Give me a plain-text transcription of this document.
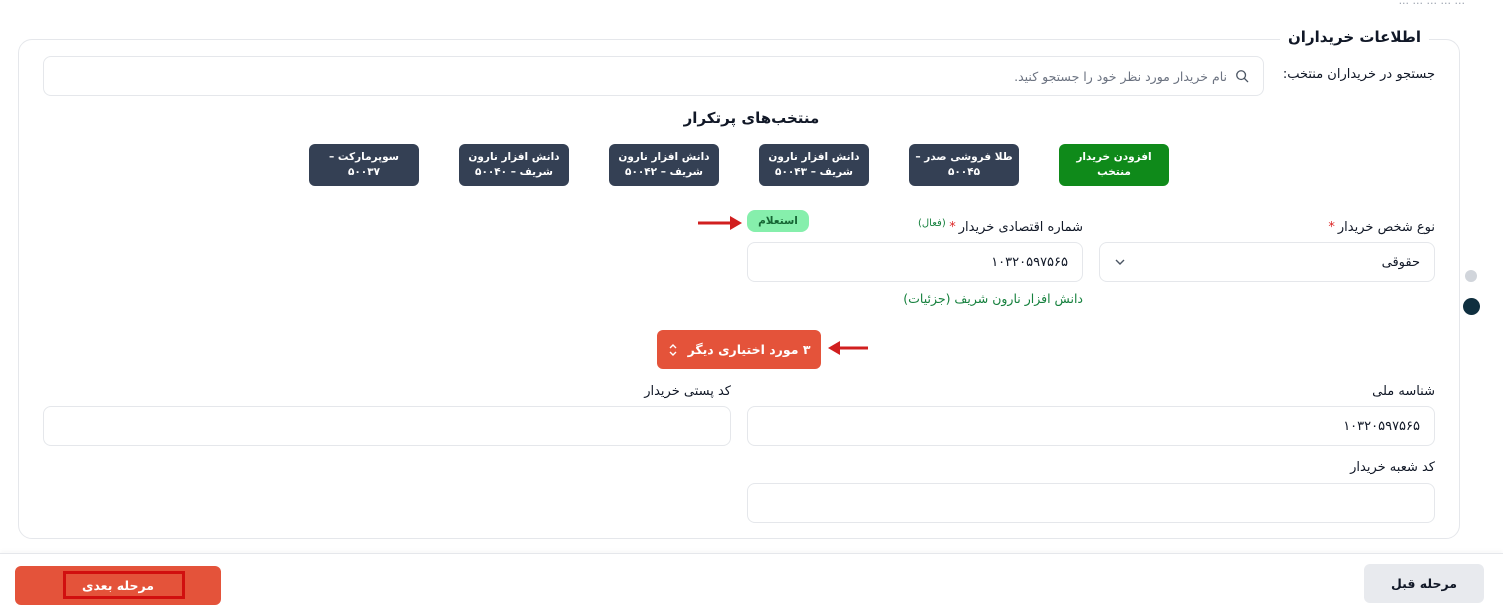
... ... ... ... ...
اطلاعات خریداران
جستجو در خریداران منتخب:
نام خریدار مورد نظر خود را جستجو کنید.
منتخب‌های پرتکرار
افزودن خریدار
منتخب
طلا فروشی صدر –
۵۰۰۴۵
دانش افزار نارون
شریف – ۵۰۰۴۳
دانش افزار نارون
شریف – ۵۰۰۴۲
دانش افزار نارون
شریف – ۵۰۰۴۰
سوپرمارکت –
۵۰۰۳۷
نوع شخص خریدار*
حقوقی
شماره اقتصادی خریدار*
(فعال)
استعلام
۱۰۳۲۰۵۹۷۵۶۵
دانش افزار نارون شریف (جزئیات)
۳ مورد اختیاری دیگر
شناسه ملی
۱۰۳۲۰۵۹۷۵۶۵
کد پستی خریدار
کد شعبه خریدار
مرحله بعدی	مرحله قبل
